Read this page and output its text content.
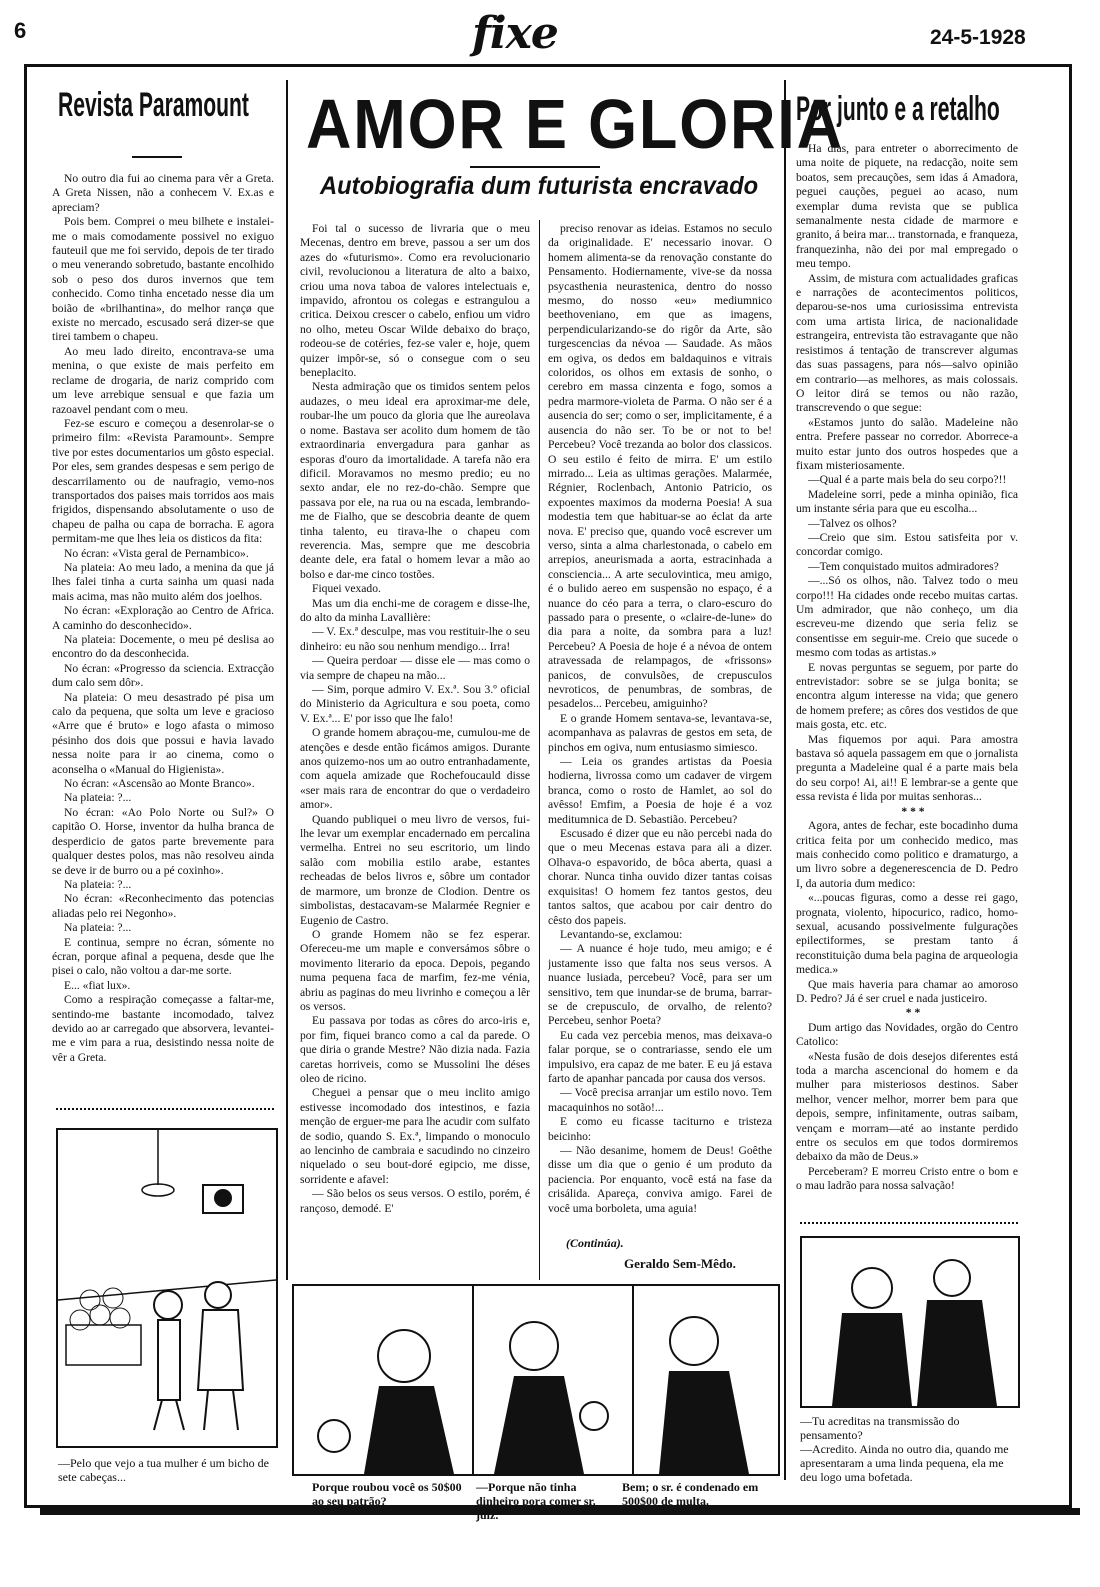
6	fixe	24-5-1928
Revista Paramount

No outro dia fui ao cinema para vêr a Greta. A Greta Nissen, não a conhecem V. Ex.as e apreciam?

Pois bem. Comprei o meu bilhete e instalei-me o mais comodamente possivel no exiguo fauteuil que me foi servido, depois de ter tirado o meu venerando sobretudo, bastante encolhido sob o peso dos duros invernos que tem conhecido. Como tinha encetado nesse dia um boião de «brilhantina», do melhor rançø que existe no mercado, escusado será dizer-se que tirei tambem o chapeu.

Ao meu lado direito, encontrava-se uma menina, o que existe de mais perfeito em reclame de drogaria, de nariz comprido com um leve arrebique sensual e que fazia um razoavel pendant com o meu.

Fez-se escuro e começou a desenrolar-se o primeiro film: «Revista Paramount». Sempre tive por estes documentarios um gôsto especial. Por eles, sem grandes despesas e sem perigo de descarrilamento ou de naufragio, vemo-nos transportados dos paises mais torridos aos mais frigidos, dispensando absolutamente o uso de chapeu de palha ou capa de borracha. E agora permitam-me que lhes leia os disticos da fita:

No écran: «Vista geral de Pernambico».

Na plateia: Ao meu lado, a menina da que já lhes falei tinha a curta sainha um quasi nada mais acima, mas não muito além dos joelhos.

No écran: «Exploração ao Centro de Africa. A caminho do desconhecido».

Na plateia: Docemente, o meu pé deslisa ao encontro do da desconhecida.

No écran: «Progresso da sciencia. Extracção dum calo sem dôr».

Na plateia: O meu desastrado pé pisa um calo da pequena, que solta um leve e gracioso «Arre que é bruto» e logo afasta o mimoso pésinho dos dois que possui e havia lavado nessa noite para ir ao cinema, como o aconselha o «Manual do Higienista».

No écran: «Ascensão ao Monte Branco».

Na plateia: ?...

No écran: «Ao Polo Norte ou Sul?» O capitão O. Horse, inventor da hulha branca de desperdicio de gatos parte brevemente para qualquer destes polos, mas não resolveu ainda se deve ir de burro ou a pé coxinho».

Na plateia: ?...

No écran: «Reconhecimento das potencias aliadas pelo rei Negonho».

Na plateia: ?...

E continua, sempre no écran, sómente no écran, porque afinal a pequena, desde que lhe pisei o calo, não voltou a dar-me sorte.

E... «fiat lux».

Como a respiração começasse a faltar-me, sentindo-me bastante incomodado, talvez devido ao ar carregado que absorvera, levantei-me e vim para a rua, desistindo nessa noite de vêr a Greta.

—Pelo que vejo a tua mulher é um bicho de sete cabeças...
AMOR E GLORIA
Autobiografia dum futurista encravado

Foi tal o sucesso de livraria que o meu Mecenas, dentro em breve, passou a ser um dos azes do «futurismo». Como era revolucionario civil, revolucionou a literatura de alto a baixo, criou uma nova taboa de valores intelectuais e, impavido, afrontou os colegas e estrangulou a critica. Deixou crescer o cabelo, enfiou um vidro no olho, meteu Oscar Wilde debaixo do braço, rodeou-se de cotéries, fez-se valer e, hoje, quem quizer impôr-se, só o consegue com o seu beneplacito.

Nesta admiração que os timidos sentem pelos audazes, o meu ideal era aproximar-me dele, roubar-lhe um pouco da gloria que lhe aureolava o nome. Bastava ser acolito dum homem de tão extraordinaria envergadura para ganhar as esporas d'ouro da imortalidade. A tarefa não era dificil. Moravamos no mesmo predio; eu no sexto andar, ele no rez-do-chão. Sempre que passava por ele, na rua ou na escada, lembrando-me de Fialho, que se descobria deante de quem tinha talento, eu tirava-lhe o chapeu com reverencia. Mas, sempre que me descobria deante dele, era fatal o homem levar a mão ao bolso e dar-me cinco tostões.

Fiquei vexado.

Mas um dia enchi-me de coragem e disse-lhe, do alto da minha Lavallière:

— V. Ex.ª desculpe, mas vou restituir-lhe o seu dinheiro: eu não sou nenhum mendigo... Irra!

— Queira perdoar — disse ele — mas como o via sempre de chapeu na mão...

— Sim, porque admiro V. Ex.ª. Sou 3.º oficial do Ministerio da Agricultura e sou poeta, como V. Ex.ª... E' por isso que lhe falo!

O grande homem abraçou-me, cumulou-me de atenções e desde então ficámos amigos. Durante anos quizemo-nos um ao outro entranhadamente, com aquela amizade que Rochefoucauld disse «ser mais rara de encontrar do que o verdadeiro amor».

Quando publiquei o meu livro de versos, fui-lhe levar um exemplar encadernado em percalina vermelha. Entrei no seu escritorio, um lindo salão com mobilia estilo arabe, estantes recheadas de belos livros e, sôbre um contador de marmore, um bronze de Clodion. Dentre os simbolistas, destacavam-se Malarmée Regnier e Eugenio de Castro.

O grande Homem não se fez esperar. Ofereceu-me um maple e conversámos sôbre o movimento literario da epoca. Depois, pegando numa pequena faca de marfim, fez-me vénia, abriu as paginas do meu livrinho e começou a lêr os versos.

Eu passava por todas as côres do arco-iris e, por fim, fiquei branco como a cal da parede. O que diria o grande Mestre? Não dizia nada. Fazia caretas horriveis, como se Mussolini lhe déses oleo de ricino.

Cheguei a pensar que o meu inclito amigo estivesse incomodado dos intestinos, e fazia menção de erguer-me para lhe acudir com sulfato de sodio, quando S. Ex.ª, limpando o monoculo ao lencinho de cambraia e sacudindo no cinzeiro niquelado o seu bout-doré egipcio, me disse, sorridente e afavel:

— São belos os seus versos. O estilo, porém, é rançoso, demodé. E'

preciso renovar as ideias. Estamos no seculo da originalidade. E' necessario inovar. O homem alimenta-se da renovação constante do Pensamento. Hodiernamente, vive-se da nossa psycasthenia neurastenica, dentro do nosso mesmo, do nosso «eu» mediumnico beethoveniano, em que as imagens, perpendicularizando-se do rigôr da Arte, são turgescencias da névoa — Saudade. As mãos em ogiva, os dedos em baldaquinos e vitrais coloridos, os olhos em extasis de sonho, o cerebro em massa cinzenta e fogo, somos a pedra marmore-violeta de Parma. O não ser é a ausencia do ser; como o ser, implicitamente, é a ausencia do não ser. To be or not to be! Percebeu? Você trezanda ao bolor dos classicos. O seu estilo é feito de mirra. E' um estilo mirrado... Leia as ultimas gerações. Malarmée, Régnier, Roclenbach, Antonio Patricio, os expoentes maximos da moderna Poesia! A sua modestia tem que habituar-se ao éclat da arte nova. E' preciso que, quando você escrever um verso, sinta a alma charlestonada, o cabelo em arrepios, aneurismada a aorta, estracinhada a consciencia... A arte seculovintica, meu amigo, é o bulido aereo em suspensão no espaço, é a nuance do céo para a terra, o claro-escuro do passado para o presente, o «claire-de-lune» do dia para a noite, da sombra para a luz! Percebeu? A Poesia de hoje é a névoa de ontem atravessada de relampagos, de «frissons» panicos, de convulsões, de crepusculos nevroticos, de penumbras, de sombras, de pesadelos... Percebeu, amiguinho?

E o grande Homem sentava-se, levantava-se, acompanhava as palavras de gestos em seta, de pinchos em ogiva, num entusiasmo simiesco.

— Leia os grandes artistas da Poesia hodierna, livrossa como um cadaver de virgem branca, como o rosto de Hamlet, ao sol do avêsso! Emfim, a Poesia de hoje é a voz meditumnica de D. Sebastião. Percebeu?

Escusado é dizer que eu não percebi nada do que o meu Mecenas estava para ali a dizer. Olhava-o espavorido, de bôca aberta, quasi a chorar. Nunca tinha ouvido dizer tantas coisas exquisitas! O homem fez tantos gestos, deu tantos saltos, que acabou por cair dentro do cêsto dos papeis.

Levantando-se, exclamou:

— A nuance é hoje tudo, meu amigo; e é justamente isso que falta nos seus versos. A nuance lusiada, percebeu? Você, para ser um sensitivo, tem que inundar-se de bruma, barrar-se de crepusculo, de orvalho, de relento? Percebeu, senhor Poeta?

Eu cada vez percebia menos, mas deixava-o falar porque, se o contrariasse, sendo ele um impulsivo, era capaz de me bater. E eu já estava farto de apanhar pancada por causa dos versos.

— Você precisa arranjar um estilo novo. Tem macaquinhos no sotão!...

E como eu ficasse taciturno e tristeza beicinho:

— Não desanime, homem de Deus! Goêthe disse um dia que o genio é um produto da paciencia. Por enquanto, você está na fase da crisálida. Apareça, conviva amigo. Farei de você uma borboleta, uma aguia!

(Continúa).
Geraldo Sem-Mêdo.
Porque roubou você os 50$00 ao seu patrão?
—Porque não tinha dinheiro pora comer sr. juiz.
Bem; o sr. é condenado em 500$00 de multa.
Por junto e a retalho

Ha dias, para entreter o aborrecimento de uma noite de piquete, na redacção, noite sem boatos, sem precauções, sem idas á Amadora, peguei cauções, peguei ao acaso, num exemplar duma revista que se publica semanalmente nesta cidade de marmore e granito, á beira mar... transtornada, e franqueza, franquezinha, não dei por mal empregado o meu tempo.

Assim, de mistura com actualidades graficas e narrações de acontecimentos politicos, deparou-se-nos uma curiosissima entrevista com uma artista lirica, de nacionalidade estrangeira, entrevista tão estravagante que não resistimos á tentação de transcrever algumas das suas passagens, para nós—salvo opinião em contrario—as melhores, as mais colossais. O leitor dirá se temos ou não razão, transcrevendo o que segue:

«Estamos junto do salão. Madeleine não entra. Prefere passear no corredor. Aborrece-a muito estar junto dos outros hospedes que a fixam misteriosamente.

—Qual é a parte mais bela do seu corpo?!!

Madeleine sorri, pede a minha opinião, fica um instante séria para que eu escolha...

—Talvez os olhos?

—Creio que sim. Estou satisfeita por v. concordar comigo.

—Tem conquistado muitos admiradores?

—...Só os olhos, não. Talvez todo o meu corpo!!! Ha cidades onde recebo muitas cartas. Um admirador, que não conheço, um dia escreveu-me dizendo que seria feliz se consentisse em seguir-me. Creio que sucede o mesmo com todas as artistas.»

E novas perguntas se seguem, por parte do entrevistador: sobre se se julga bonita; se encontra algum interesse na vida; que genero de homem prefere; as côres dos vestidos de que mais gosta, etc. etc.

Mas fiquemos por aqui. Para amostra bastava só aquela passagem em que o jornalista pregunta a Madeleine qual é a parte mais bela do seu corpo! Ai, ai!! E lembrar-se a gente que essa revista é lida por muitas senhoras...

* * *

Agora, antes de fechar, este bocadinho duma critica feita por um conhecido medico, mas mais conhecido como politico e dramaturgo, a um livro sobre a degenerescencia de D. Pedro I, da autoria dum medico:

«...poucas figuras, como a desse rei gago, prognata, violento, hipocurico, radico, homo-sexual, acusando possivelmente fulgurações epilectiformes, se prestam tanto á reconstituição duma bela pagina de arqueologia medica.»

Que mais haveria para chamar ao amoroso D. Pedro? Já é ser cruel e nada justiceiro.

* *

Dum artigo das Novidades, orgão do Centro Catolico:

«Nesta fusão de dois desejos diferentes está toda a marcha ascencional do homem e da mulher para misteriosos destinos. Saber melhor, vencer melhor, morrer bem para que depois, sempre, infinitamente, outras saibam, vençam e morram—até ao instante perdido entre os seculos em que todos dormiremos debaixo da mão de Deus.»

Perceberam? E morreu Cristo entre o bom e o mau ladrão para nossa salvação!

—Tu acreditas na transmissão do pensamento?

—Acredito. Ainda no outro dia, quando me apresentaram a uma linda pequena, ela me deu logo uma bofetada.
